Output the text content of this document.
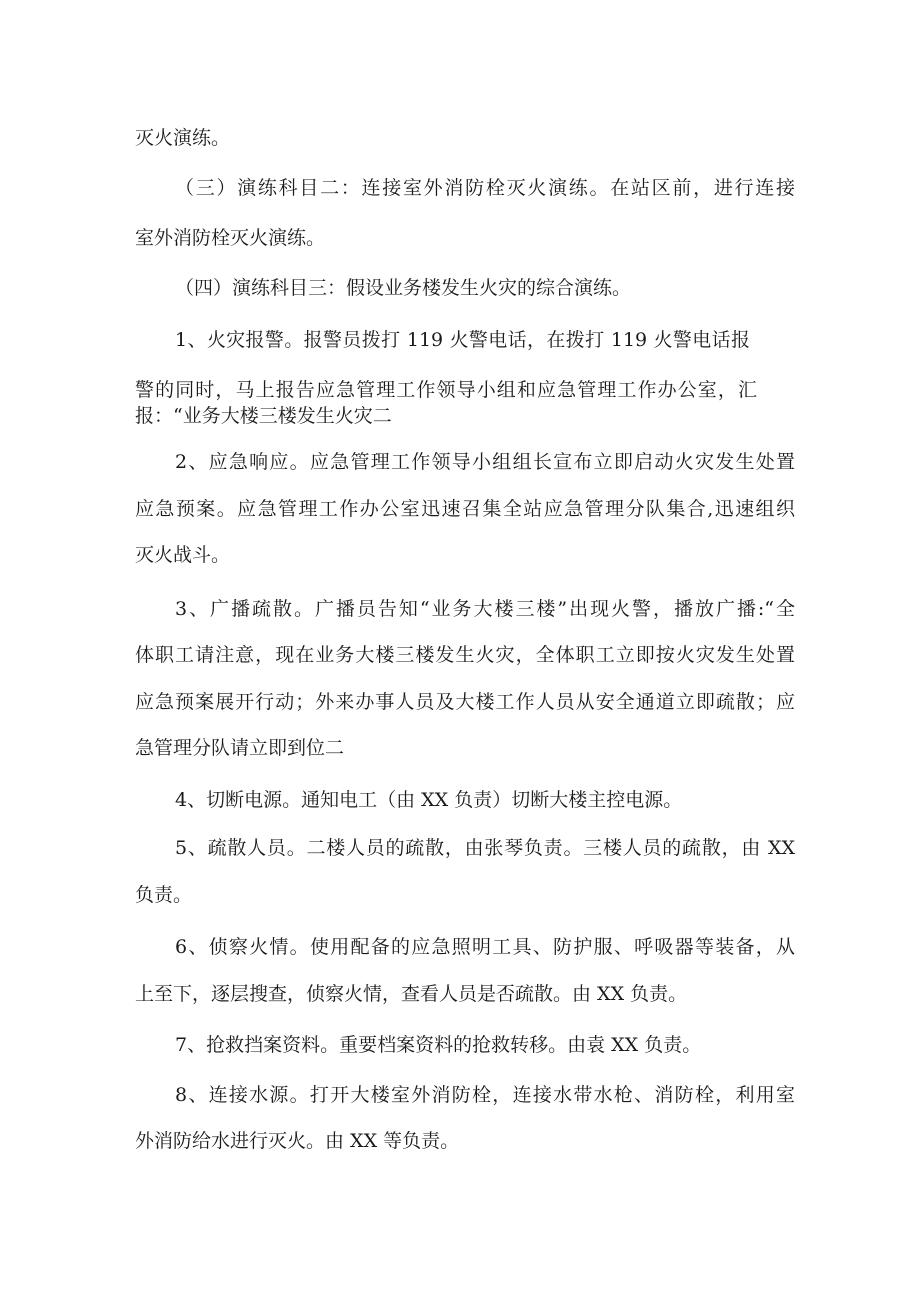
灭火演练。
（三）演练科目二：连接室外消防栓灭火演练。在站区前，进行连接
室外消防栓灭火演练。
（四）演练科目三：假设业务楼发生火灾的综合演练。
1、火灾报警。报警员拨打 119 火警电话，在拨打 119 火警电话报
警的同时，马上报告应急管理工作领导小组和应急管理工作办公室，汇
报：“业务大楼三楼发生火灾二
2、应急响应。应急管理工作领导小组组长宣布立即启动火灾发生处置
应急预案。应急管理工作办公室迅速召集全站应急管理分队集合,迅速组织
灭火战斗。
3、广播疏散。广播员告知“业务大楼三楼”出现火警，播放广播:“全
体职工请注意，现在业务大楼三楼发生火灾，全体职工立即按火灾发生处置
应急预案展开行动；外来办事人员及大楼工作人员从安全通道立即疏散；应
急管理分队请立即到位二
4、切断电源。通知电工（由 XX 负责）切断大楼主控电源。
5、疏散人员。二楼人员的疏散，由张琴负责。三楼人员的疏散，由 XX
负责。
6、侦察火情。使用配备的应急照明工具、防护服、呼吸器等装备，从
上至下，逐层搜查，侦察火情，查看人员是否疏散。由 XX 负责。
7、抢救挡案资料。重要档案资料的抢救转移。由袁 XX 负责。
8、连接水源。打开大楼室外消防栓，连接水带水枪、消防栓，利用室
外消防给水进行灭火。由 XX 等负责。
